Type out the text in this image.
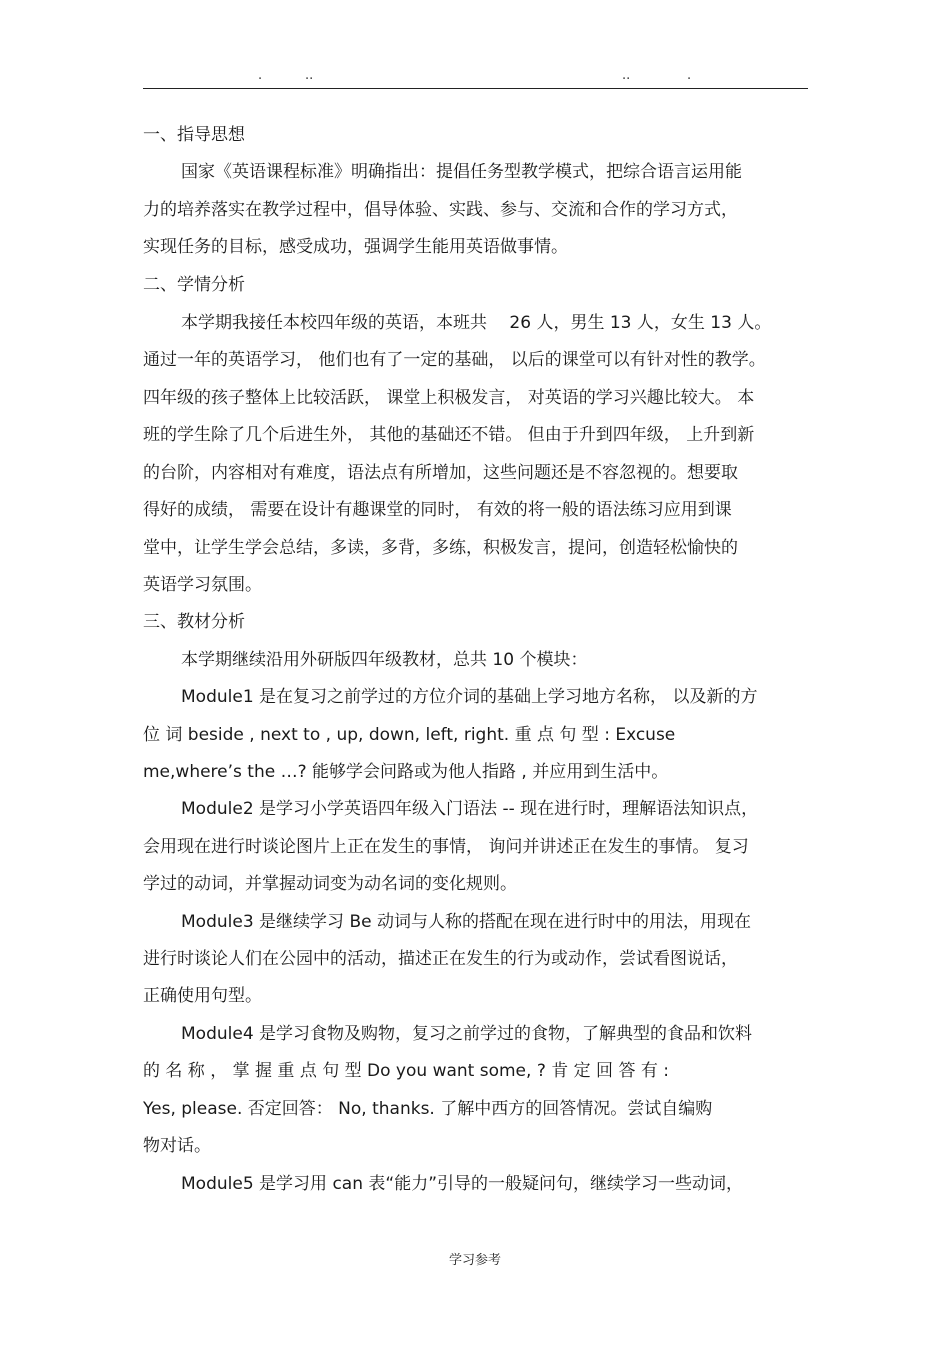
.	..	..	.
一、指导思想
国家《英语课程标准》明确指出：提倡任务型教学模式，把综合语言运用能
力的培养落实在教学过程中，倡导体验、实践、参与、交流和合作的学习方式，
实现任务的目标，感受成功，强调学生能用英语做事情。
二、学情分析
本学期我接任本校四年级的英语，本班共　 26 人，男生 13 人，女生 13 人。
通过一年的英语学习， 他们也有了一定的基础， 以后的课堂可以有针对性的教学。
四年级的孩子整体上比较活跃， 课堂上积极发言， 对英语的学习兴趣比较大。 本
班的学生除了几个后进生外， 其他的基础还不错。 但由于升到四年级， 上升到新
的台阶，内容相对有难度，语法点有所增加，这些问题还是不容忽视的。想要取
得好的成绩， 需要在设计有趣课堂的同时， 有效的将一般的语法练习应用到课
堂中，让学生学会总结，多读，多背，多练，积极发言，提问，创造轻松愉快的
英语学习氛围。
三、教材分析
本学期继续沿用外研版四年级教材，总共 10 个模块：
Module1 是在复习之前学过的方位介词的基础上学习地方名称， 以及新的方
位 词 beside , next to , up, down, left, right. 重 点 句 型 : Excuse
me,where’s the …? 能够学会问路或为他人指路 , 并应用到生活中。
Module2 是学习小学英语四年级入门语法 -- 现在进行时，理解语法知识点，
会用现在进行时谈论图片上正在发生的事情， 询问并讲述正在发生的事情。 复习
学过的动词，并掌握动词变为动名词的变化规则。
Module3 是继续学习 Be 动词与人称的搭配在现在进行时中的用法，用现在
进行时谈论人们在公园中的活动，描述正在发生的行为或动作，尝试看图说话，
正确使用句型。
Module4 是学习食物及购物，复习之前学过的食物，了解典型的食品和饮料
的 名 称 ， 掌 握 重 点 句 型 Do you want some, ? 肯 定 回 答 有 :
Yes, please. 否定回答： No, thanks. 了解中西方的回答情况。尝试自编购
物对话。
Module5 是学习用 can 表“能力”引导的一般疑问句，继续学习一些动词，
学习参考
